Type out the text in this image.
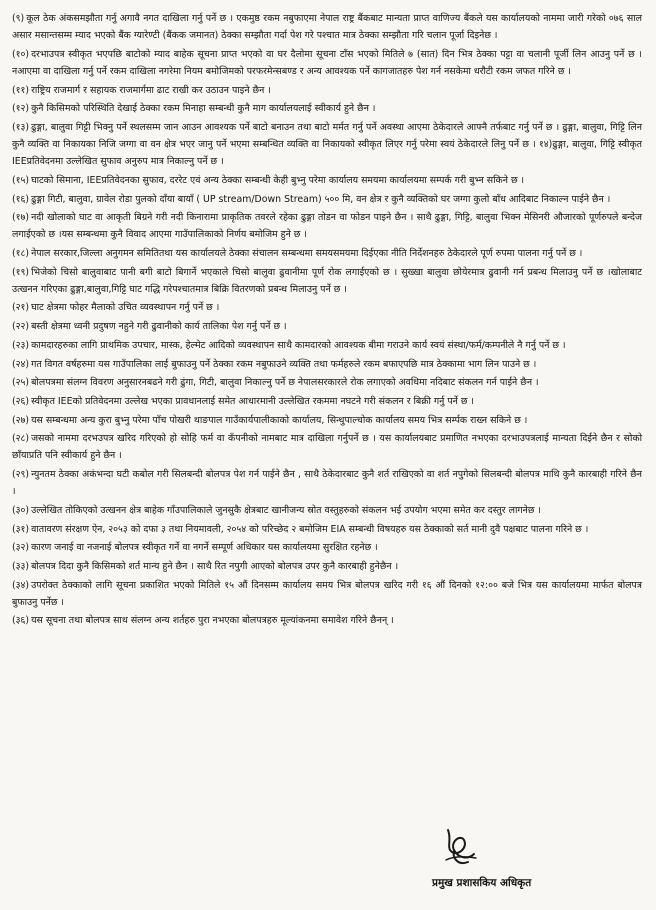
(९) कूल ठेक अंकसमझौता गर्नु अगावै नगत दाखिला गर्नु पर्ने छ । एकमुष्ठ रकम नबुफाएमा नेपाल राष्ट्र बैंकबाट मान्यता प्राप्त वाणिज्य बैंकले यस कार्यालयको नाममा जारी गरेको ०७६ साल असार मसान्तसम्म म्याद भएको बैंक ग्यारेण्टी (बैंकक जमानत) ठेक्का सम्झौता गर्दा पेश गरे पश्चात मात्र ठेक्का सम्झौता गरि चलान पूर्जा दिइनेछ ।

(१०) दरभाउपत्र स्वीकृत भएपछि बाटोको म्याद बाहेक सूचना प्राप्त भएको वा घर दैलोमा सूचना टाँस भएको मितिले ७ (सात) दिन भित्र ठेक्का पट्टा वा चलानी पूर्जी लिन आउनु पर्ने छ । नआएमा वा दाखिला गर्नु पर्ने रकम दाखिला नगरेमा नियम बमोजिमको परफरमेन्सबण्ड र अन्य आवश्यक पर्ने कागजातहरु पेश गर्न नसकेमा धरौटी रकम जफत गरिने छ ।

(११) राष्ट्रिय राजमार्ग र सहायक राजमार्गमा ढाट राखी कर उठाउन पाइने छैन ।

(१२) कुनै किसिमको परिस्थिति देखाई ठेक्का रकम मिनाहा सम्बन्धी कुनै माग कार्यालयलाई स्वीकार्य हुने छैन ।

(१३) ढुङ्गा, बालुवा गिट्टी भिक्नु पर्ने स्थलसम्म जान आउन आवश्यक पर्ने बाटो बनाउन तथा बाटो मर्मत गर्नु पर्ने अवस्था आएमा ठेकेदारले आफ्नै तर्फबाट गर्नु पर्ने छ । ढुङ्गा, बालुवा, गिट्टि लिन कुनै व्यक्ति वा निकायका निजि जग्गा वा वन क्षेत्र भएर जानु पर्ने भएमा सम्बन्धित व्यक्ति वा निकायको स्वीकृत लिएर गर्नु परेमा स्वयं ठेकेदारले लिनु पर्ने छ । १४)ढुङ्गा, बालुवा, गिट्टि स्वीकृत IEEप्रतिवेदनमा उल्लेखित सुफाव अनुरुप मात्र निकाल्नु पर्ने छ ।

(१५) घाटको सिमाना, IEEप्रतिवेदनका सुफाव, दररेट एवं अन्य ठेक्का सम्बन्धी केही बुभ्नु परेमा कार्यालय समयमा कार्यालयमा सम्पर्क गरी बुभ्न सकिने छ ।

(१६) ढुङ्गा गिटी, बालुवा, ग्रावेल रोडा पुलको दाँया बायाँ ( UP stream/Down Stream) ५०० मि, वन क्षेत्र र कुनै व्यक्तिको घर जग्गा कुलो बाँध आदिबाट निकाल्न पाईने छैन ।

(१७) नदी खोलाको घाट वा आकृती बिग्रने गरी नदी किनारामा प्राकृतिक तवरले रहेका ढुङ्गा तोडन वा फोडन पाइने छैन । साथै ढुङ्गा, गिट्टि, बालुवा भिक्न मेसिनरी औजारको पूर्णरुपले बन्देज लगाईएको छ ।यस सम्बन्धमा कुनै विवाद आएमा गाउँपालिकाको निर्णय बमोजिम हुने छ ।

(१८) नेपाल सरकार,जिल्ला अनुगमन समितितथा यस कार्यालयले ठेक्का संचालन सम्बन्धमा समयसमयमा दिईएका नीति निर्देशनहरु ठेकेदारले पूर्ण रुपमा पालना गर्नु पर्ने छ ।

(१९) भिजेको चिसो बालुवाबाट पानी बगी बाटो बिगार्ने भएकाले चिसो बालुवा ढुवानीमा पूर्ण रोक लगाईएको छ । सुख्खा बालुवा छोयेरमात्र ढुवानी गर्न प्रबन्ध मिलाउनु पर्ने छ ।खोलाबाट उत्खनन गरिएका ढुङ्गा,बालुवा,गिट्टि घाट गद्धि गरेपश्चातमात्र बिक्रि वितरणको प्रबन्ध मिलाउनु पर्ने छ ।

(२१) घाट क्षेत्रमा फोहर मैलाको उचित व्यवस्थापन गर्नु पर्ने छ ।

(२२) बस्ती क्षेत्रमा ध्वनी प्रदुषण नहुने गरी ढुवानीको कार्य तालिका पेश गर्नु पर्ने छ ।

(२३) कामदारहरुका लागि प्राथमिक उपचार, मास्क, हेल्मेट आदिको व्यवस्थापन साथै कामदारको आवश्यक बीमा गराउने कार्य स्वयं संस्था/फर्म/कम्पनीले नै गर्नु पर्ने छ ।

(२४) गत विगत वर्षहरुमा यस गाउँपालिका लाई बुफाउनु पर्ने ठेक्का रकम नबुफाउने व्यक्ति तथा फर्महरुले रकम बफाएपछि मात्र ठेक्कामा भाग लिन पाउने छ ।

(२५) बोलपत्रमा संलग्न विवरण अनुसारनबढने गरी ढुंगा, गिटी, बालुवा निकाल्नु पर्ने छ नेपालसरकारले रोक लगाएको अवधिमा नदिबाट संकलन गर्न पाईने छैन ।

(२६) स्वीकृत IEEको प्रतिवेदनमा उल्लेख भएका प्रावधानलाई समेत आधारमानी उल्लेखित रकममा नघटने गरी संकलन र बिक्री गर्नु पर्ने छ ।

(२७) यस सम्बन्धमा अन्य कुरा बुभ्नु परेमा पाँच पोखरी थाङपाल गाउँकार्यपालीकाको कार्यालय, सिन्धुपाल्चोक कार्यालय समय भित्र सर्म्पक राख्न सकिने छ ।

(२८) जसको नाममा दरभउपत्र खरिद गरिएको हो सोहि फर्म वा कँपनीको नामबाट मात्र दाखिला गर्नुपर्ने छ । यस कार्यालयबाट प्रमाणित नभएका दरभाउपत्रलाई मान्यता दिईने छैन र सोको छाँयाप्रति पनि स्वीकार्य हुने छैन ।

(२९) न्युनतम ठेक्का अकंभन्दा घटी कबोल गरी सिलबन्दी बोलपत्र पेश गर्न पाईने छैन , साथै ठेकेदारबाट कुनै शर्त राखिएको वा शर्त नपुगेको सिलबन्दी बोलपत्र माथि कुनै कारबाही गरिने छैन ।

(३०) उल्लेखित तोकिएको उत्खनन क्षेत्र बाहेक गाँउपालिकाले जुनसुकै क्षेत्रबाट खानीजन्य स्रोत वस्तुहरुको संकलन भई उपयोग भएमा समेत कर दस्तुर लागनेछ ।

(३१) वातावरण संरक्षण ऐन, २०५३ को दफा ३ तथा नियमावली, २०५४ को परिच्छेद २ बमोजिम EIA सम्बन्धी विषयहरु यस ठेक्काको सर्त मानी दुवै पक्षबाट पालना गरिने छ ।

(३२) कारण जनाई वा नजनाई बोलपत्र स्वीकृत गर्ने वा नगर्ने सम्पूर्ण अधिकार यस कार्यालयमा सुरक्षित रहनेछ ।

(३३) बोलपत्र दिदा कुनै किसिमको शर्त मान्य हुने छैन । साथै रित नपुगी आएको बोलपत्र उपर कुनै कारबाही हुनेछैन ।

(३४) उपरोक्त ठेक्काको लागि सूचना प्रकाशित भएको मितिले १५ औं दिनसम्म कार्यालय समय भित्र बोलपत्र खरिद गरी १६ औं दिनको १२:०० बजे भित्र यस कार्यालयमा मार्फत बोलपत्र बुफाउनु पर्नेछ ।

(३६) यस सूचना तथा बोलपत्र साथ संलग्न अन्य शर्तहरु पुरा नभएका बोलपत्रहरु मूल्यांकनमा समावेश गरिने छैनन् ।

प्रमुख प्रशासकिय अधिकृत
